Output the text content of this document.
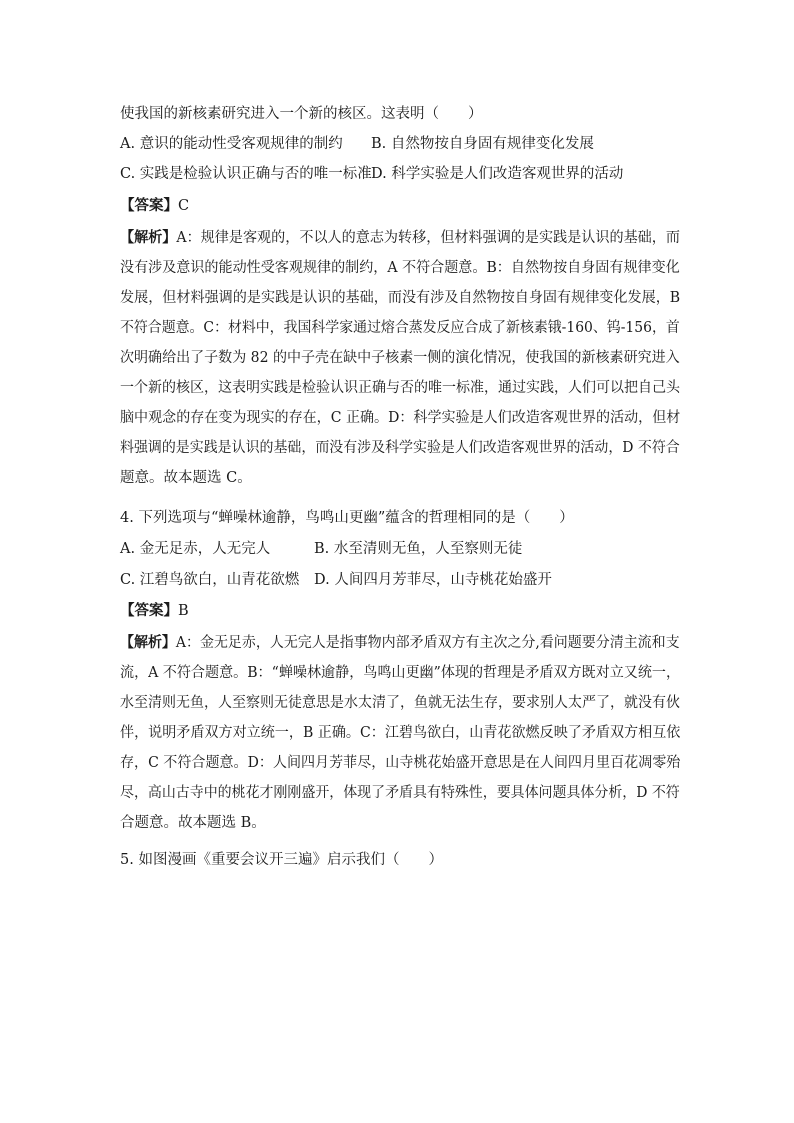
使我国的新核素研究进入一个新的核区。这表明（　　）
A. 意识的能动性受客观规律的制约 B. 自然物按自身固有规律变化发展
C. 实践是检验认识正确与否的唯一标准 D. 科学实验是人们改造客观世界的活动
【答案】C
【解析】A：规律是客观的，不以人的意志为转移，但材料强调的是实践是认识的基础，而
没有涉及意识的能动性受客观规律的制约，A 不符合题意。B：自然物按自身固有规律变化
发展，但材料强调的是实践是认识的基础，而没有涉及自然物按自身固有规律变化发展，B
不符合题意。C：材料中，我国科学家通过熔合蒸发反应合成了新核素锇-160、钨-156，首
次明确给出了子数为 82 的中子壳在缺中子核素一侧的演化情况，使我国的新核素研究进入
一个新的核区，这表明实践是检验认识正确与否的唯一标准，通过实践，人们可以把自己头
脑中观念的存在变为现实的存在，C 正确。D：科学实验是人们改造客观世界的活动，但材
料强调的是实践是认识的基础，而没有涉及科学实验是人们改造客观世界的活动，D 不符合
题意。故本题选 C。
4. 下列选项与“蝉噪林逾静，鸟鸣山更幽”蕴含的哲理相同的是（　　）
A. 金无足赤，人无完人	B. 水至清则无鱼，人至察则无徒
C. 江碧鸟欲白，山青花欲燃 D. 人间四月芳菲尽，山寺桃花始盛开
【答案】B
【解析】A：金无足赤，人无完人是指事物内部矛盾双方有主次之分,看问题要分清主流和支
流，A 不符合题意。B：“蝉噪林逾静，鸟鸣山更幽”体现的哲理是矛盾双方既对立又统一，
水至清则无鱼，人至察则无徒意思是水太清了，鱼就无法生存，要求别人太严了，就没有伙
伴，说明矛盾双方对立统一，B 正确。C：江碧鸟欲白，山青花欲燃反映了矛盾双方相互依
存，C 不符合题意。D：人间四月芳菲尽，山寺桃花始盛开意思是在人间四月里百花凋零殆
尽，高山古寺中的桃花才刚刚盛开，体现了矛盾具有特殊性，要具体问题具体分析，D 不符
合题意。故本题选 B。
5. 如图漫画《重要会议开三遍》启示我们（　　）
